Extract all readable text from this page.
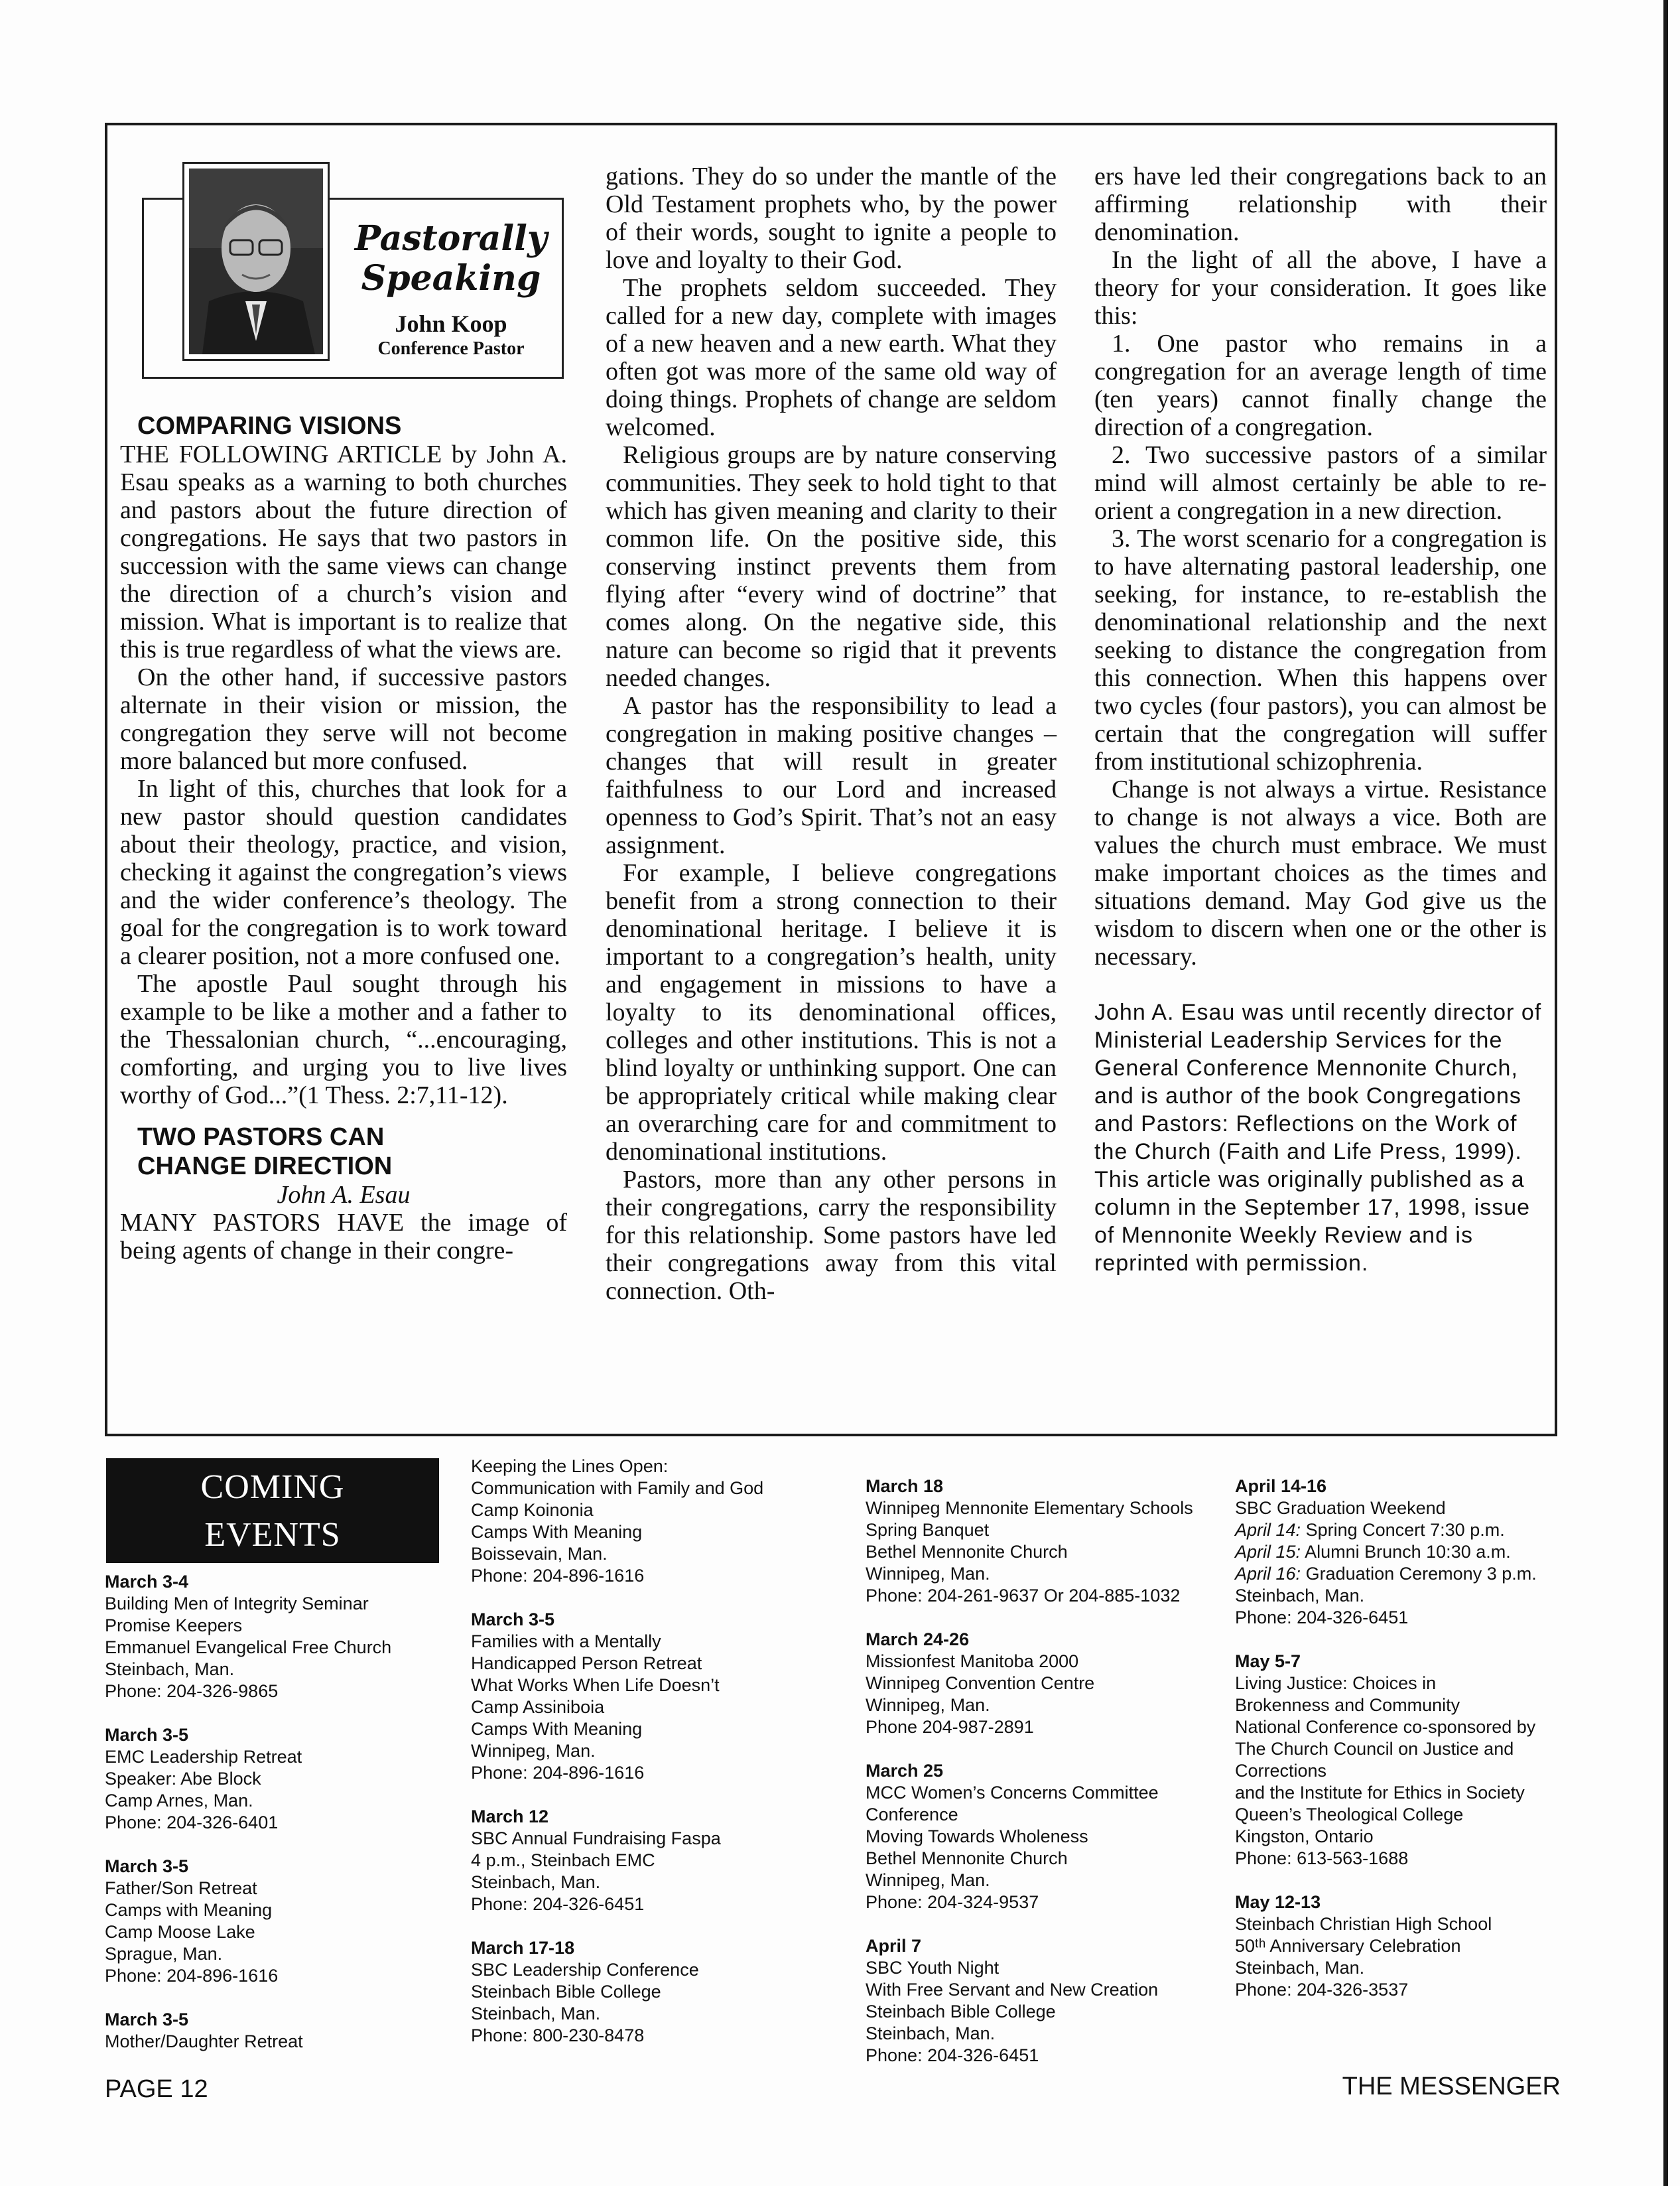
Pastorally
Speaking
John Koop
Conference Pastor

COMPARING VISIONS

THE FOLLOWING ARTICLE by John A. Esau speaks as a warning to both churches and pastors about the future direction of congregations. He says that two pastors in succession with the same views can change the direction of a church’s vision and mission. What is important is to realize that this is true regardless of what the views are.

On the other hand, if successive pastors alternate in their vision or mission, the congregation they serve will not become more balanced but more confused.

In light of this, churches that look for a new pastor should question candidates about their theology, practice, and vision, checking it against the congregation’s views and the wider conference’s theology. The goal for the congregation is to work toward a clearer position, not a more confused one.

The apostle Paul sought through his example to be like a mother and a father to the Thessalonian church, “...encouraging, comforting, and urging you to live lives worthy of God...”(1 Thess. 2:7,11-12).

TWO PASTORS CAN

CHANGE DIRECTION

John A. Esau

MANY PASTORS HAVE the image of being agents of change in their congre-

gations. They do so under the mantle of the Old Testament prophets who, by the power of their words, sought to ignite a people to love and loyalty to their God.

The prophets seldom succeeded. They called for a new day, complete with images of a new heaven and a new earth. What they often got was more of the same old way of doing things. Prophets of change are seldom welcomed.

Religious groups are by nature conserving communities. They seek to hold tight to that which has given meaning and clarity to their common life. On the positive side, this conserving instinct prevents them from flying after “every wind of doctrine” that comes along. On the negative side, this nature can become so rigid that it prevents needed changes.

A pastor has the responsibility to lead a congregation in making positive changes – changes that will result in greater faithfulness to our Lord and increased openness to God’s Spirit. That’s not an easy assignment.

For example, I believe congregations benefit from a strong connection to their denominational heritage. I believe it is important to a congregation’s health, unity and engagement in missions to have a loyalty to its denominational offices, colleges and other institutions. This is not a blind loyalty or unthinking support. One can be appropriately critical while making clear an overarching care for and commitment to denominational institutions.

Pastors, more than any other persons in their congregations, carry the responsibility for this relationship. Some pastors have led their congregations away from this vital connection. Oth-

ers have led their congregations back to an affirming relationship with their denomination.

In the light of all the above, I have a theory for your consideration. It goes like this:

1. One pastor who remains in a congregation for an average length of time (ten years) cannot finally change the direction of a congregation.

2. Two successive pastors of a similar mind will almost certainly be able to re-orient a congregation in a new direction.

3. The worst scenario for a congregation is to have alternating pastoral leadership, one seeking, for instance, to re-establish the denominational relationship and the next seeking to distance the congregation from this connection. When this happens over two cycles (four pastors), you can almost be certain that the congregation will suffer from institutional schizophrenia.

Change is not always a virtue. Resistance to change is not always a vice. Both are values the church must embrace. We must make important choices as the times and situations demand. May God give us the wisdom to discern when one or the other is necessary.

John A. Esau was until recently director of Ministerial Leadership Services for the General Conference Mennonite Church, and is author of the book Congregations and Pastors: Reflections on the Work of the Church (Faith and Life Press, 1999). This article was originally published as a column in the September 17, 1998, issue of Mennonite Weekly Review and is reprinted with permission.
COMING
EVENTS
March 3-4
Building Men of Integrity Seminar
Promise Keepers
Emmanuel Evangelical Free Church
Steinbach, Man.
Phone: 204-326-9865
March 3-5
EMC Leadership Retreat
Speaker: Abe Block
Camp Arnes, Man.
Phone: 204-326-6401
March 3-5
Father/Son Retreat
Camps with Meaning
Camp Moose Lake
Sprague, Man.
Phone: 204-896-1616
March 3-5
Mother/Daughter Retreat
Keeping the Lines Open:
Communication with Family and God
Camp Koinonia
Camps With Meaning
Boissevain, Man.
Phone: 204-896-1616
March 3-5
Families with a Mentally
Handicapped Person Retreat
What Works When Life Doesn’t
Camp Assiniboia
Camps With Meaning
Winnipeg, Man.
Phone: 204-896-1616
March 12
SBC Annual Fundraising Faspa
4 p.m., Steinbach EMC
Steinbach, Man.
Phone: 204-326-6451
March 17-18
SBC Leadership Conference
Steinbach Bible College
Steinbach, Man.
Phone: 800-230-8478
March 18
Winnipeg Mennonite Elementary Schools
Spring Banquet
Bethel Mennonite Church
Winnipeg, Man.
Phone: 204-261-9637 Or 204-885-1032
March 24-26
Missionfest Manitoba 2000
Winnipeg Convention Centre
Winnipeg, Man.
Phone 204-987-2891
March 25
MCC Women’s Concerns Committee
Conference
Moving Towards Wholeness
Bethel Mennonite Church
Winnipeg, Man.
Phone: 204-324-9537
April 7
SBC Youth Night
With Free Servant and New Creation
Steinbach Bible College
Steinbach, Man.
Phone: 204-326-6451
April 14-16
SBC Graduation Weekend
April 14: Spring Concert 7:30 p.m.
April 15: Alumni Brunch 10:30 a.m.
April 16: Graduation Ceremony 3 p.m.
Steinbach, Man.
Phone: 204-326-6451
May 5-7
Living Justice: Choices in
Brokenness and Community
National Conference co-sponsored by
The Church Council on Justice and
Corrections
and the Institute for Ethics in Society
Queen’s Theological College
Kingston, Ontario
Phone: 613-563-1688
May 12-13
Steinbach Christian High School
50ᵗʰ Anniversary Celebration
Steinbach, Man.
Phone: 204-326-3537
PAGE 12	THE MESSENGER
